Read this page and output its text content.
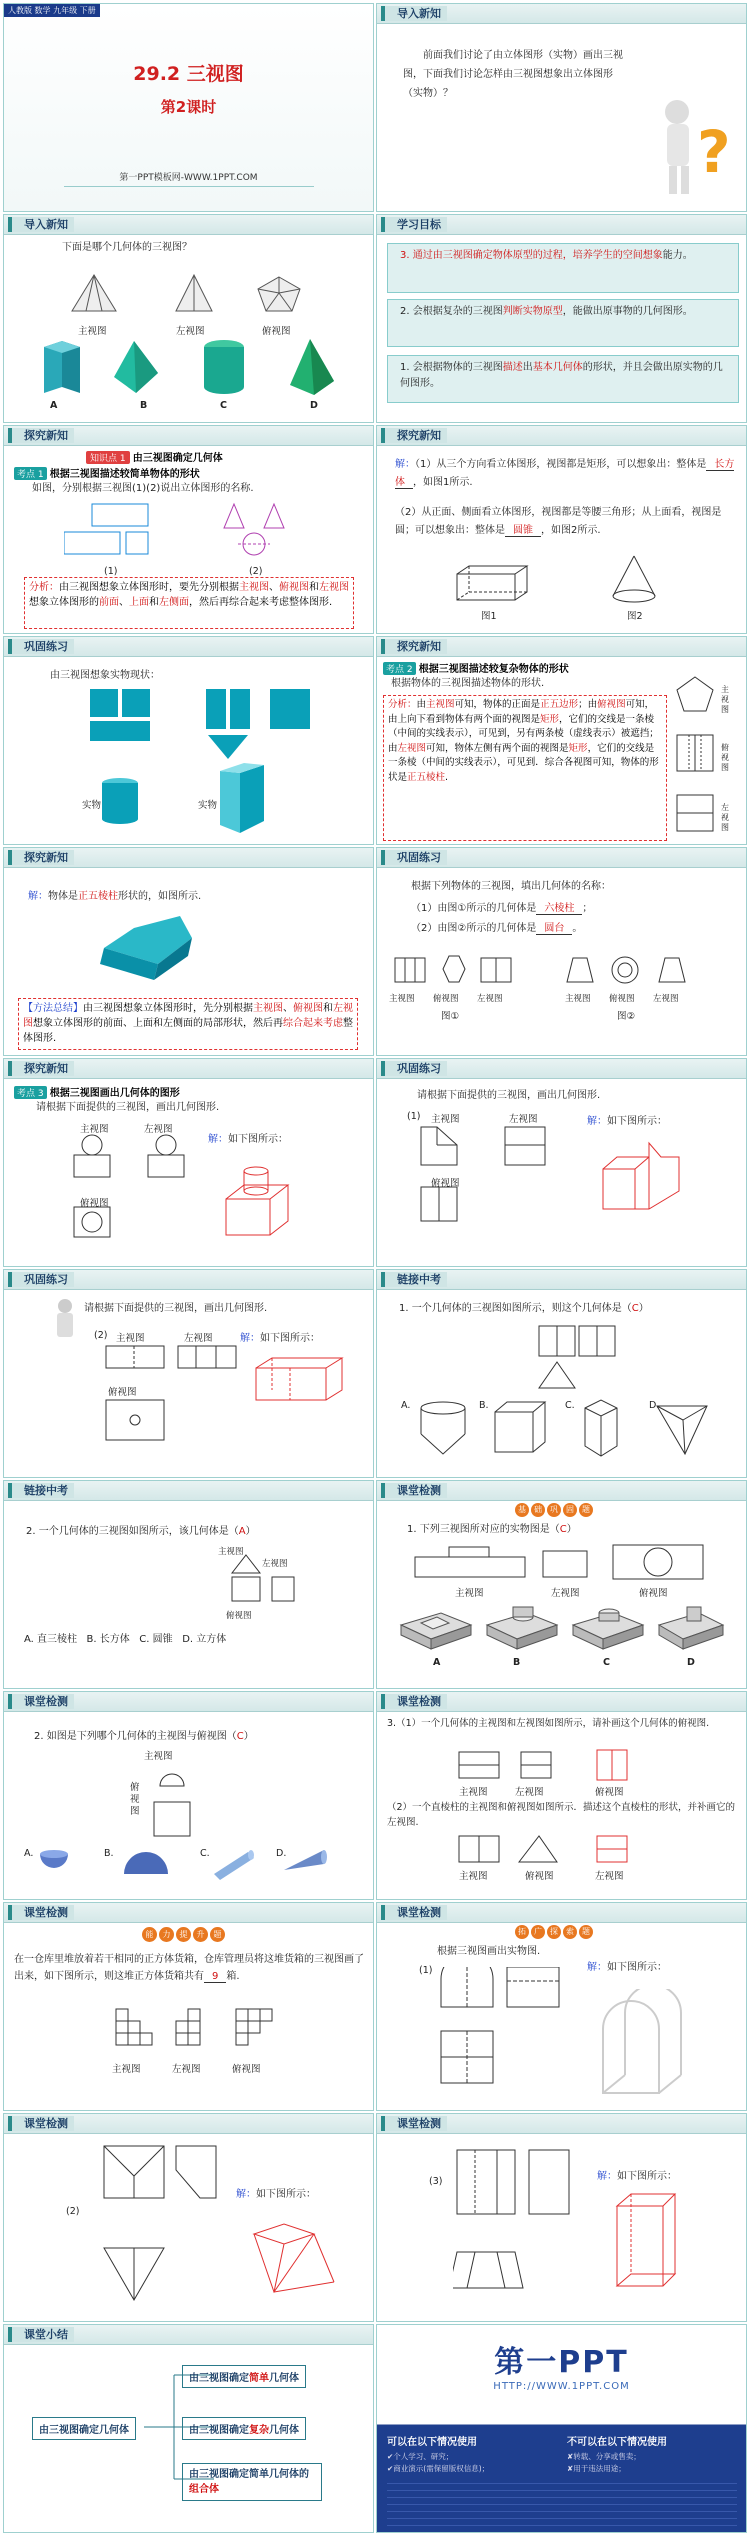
人教版 数学 九年级 下册
29.2 三视图
第2课时
第一PPT模板网-WWW.1PPT.COM
导入新知
前面我们讨论了由立体图形（实物）画出三视图，下面我们讨论怎样由三视图想象出立体图形（实物）？
?
导入新知
下面是哪个几何体的三视图？
主视图	左视图	俯视图
A	B	C	D
学习目标
3. 通过由三视图确定物体原型的过程，培养学生的空间想象能力。
2. 会根据复杂的三视图判断实物原型，能做出原事物的几何图形。
1. 会根据物体的三视图描述出基本几何体的形状，并且会做出原实物的几何图形。
探究新知
知识点 1 由三视图确定几何体
考点 1 根据三视图描述较简单物体的形状
如图，分别根据三视图(1)(2)说出立体图形的名称.
(1)	(2)
分析：由三视图想象立体图形时，要先分别根据主视图、俯视图和左视图想象立体图形的前面、上面和左侧面，然后再综合起来考虑整体图形.
探究新知
解：（1）从三个方向看立体图形，视图都是矩形，可以想象出：整体是 长方体 ，如图1所示.
（2）从正面、侧面看立体图形，视图都是等腰三角形；从上面看，视图是圆；可以想象出：整体是 圆锥 ，如图2所示.
图1	图2
巩固练习
由三视图想象实物现状：
实物	实物
探究新知
考点 2 根据三视图描述较复杂物体的形状
根据物体的三视图描述物体的形状.
分析：由主视图可知，物体的正面是正五边形；由俯视图可知，由上向下看到物体有两个面的视图是矩形，它们的交线是一条棱（中间的实线表示），可见到，另有两条棱（虚线表示）被遮挡；由左视图可知，物体左侧有两个面的视图是矩形，它们的交线是一条棱（中间的实线表示），可见到．综合各视图可知，物体的形状是正五棱柱.
主视图
俯视图
左视图
探究新知
解：物体是正五棱柱形状的，如图所示.
【方法总结】由三视图想象立体图形时，先分别根据主视图、俯视图和左视图想象立体图形的前面、上面和左侧面的局部形状，然后再综合起来考虑整体图形.
巩固练习
根据下列物体的三视图，填出几何体的名称：
（1）由图①所示的几何体是 六棱柱 ；
（2）由图②所示的几何体是 圆台 。
主视图 俯视图 左视图	主视图 俯视图 左视图
图①	图②
探究新知
考点 3 根据三视图画出几何体的图形
请根据下面提供的三视图，画出几何图形.
主视图	左视图
俯视图
解：如下图所示：
巩固练习
请根据下面提供的三视图，画出几何图形.
(1) 主视图	左视图
俯视图
解：如下图所示：
巩固练习
请根据下面提供的三视图，画出几何图形.
(2) 主视图	左视图
俯视图
解：如下图所示：
链接中考
1. 一个几何体的三视图如图所示，则这个几何体是（C）
A.	B.	C.	D.
链接中考
2. 一个几何体的三视图如图所示，该几何体是（A）
主视图
左视图
俯视图
A. 直三棱柱   B. 长方体   C. 圆锥   D. 立方体
课堂检测
基	础	巩	固	题
1. 下列三视图所对应的实物图是（C）
主视图	左视图	俯视图
A	B	C	D
课堂检测
2. 如图是下列哪个几何体的主视图与俯视图（C）
主视图
俯视图
A.	B.	C.	D.
课堂检测
3.（1）一个几何体的主视图和左视图如图所示，请补画这个几何体的俯视图.
主视图	左视图	俯视图
（2）一个直棱柱的主视图和俯视图如图所示．描述这个直棱柱的形状，并补画它的左视图.
主视图	俯视图	左视图
课堂检测
能	力	提	升	题
在一仓库里堆放着若干相同的正方体货箱，仓库管理员将这堆货箱的三视图画了出来，如下图所示，则这堆正方体货箱共有 9 箱.
主视图	左视图	俯视图
课堂检测
拓	广	探	索	题
根据三视图画出实物图.
(1)	解：如下图所示：
课堂检测
(2)
解：如下图所示：
课堂检测
(3)	解：如下图所示：
课堂小结
由三视图确定几何体
由三视图确定简单几何体
由三视图确定复杂几何体
由三视图确定简单几何体的组合体
第一PPT
HTTP://WWW.1PPT.COM
可以在以下情况使用	不可以在以下情况使用
✔个人学习、研究；
✔商业演示(需保留版权信息)；
✘转载、分享或售卖；
✘用于违法用途；
